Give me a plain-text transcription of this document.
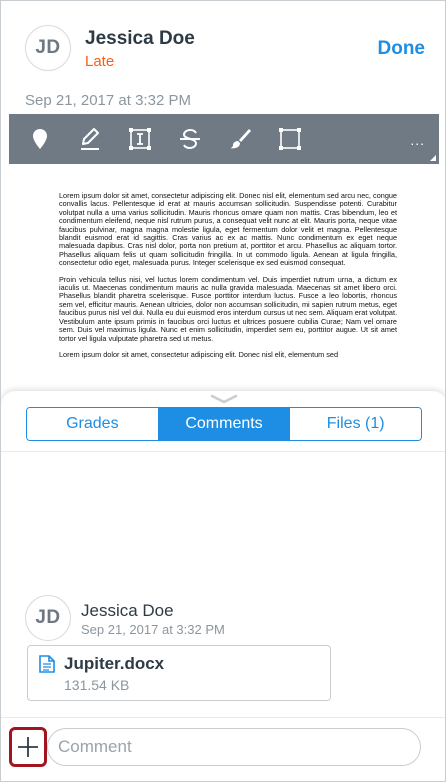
JD	Jessica Doe
Late
Done
Sep 21, 2017 at 3:32 PM
...

Lorem ipsum dolor sit amet, consectetur adipiscing elit. Donec nisl elit, elementum sed arcu nec, congue convallis lacus. Pellentesque id erat at mauris accumsan sollicitudin. Suspendisse potenti. Curabitur volutpat nulla a urna varius sollicitudin. Mauris rhoncus ornare quam non mattis. Cras bibendum, leo et condimentum eleifend, neque nisl rutrum purus, a consequat velit nunc at elit. Mauris porta, neque vitae faucibus pulvinar, magna magna molestie ligula, eget fermentum dolor velit et magna. Pellentesque blandit euismod erat id sagittis. Cras varius ac ex ac mattis. Nunc condimentum ex eget neque malesuada dapibus. Cras nisl dolor, porta non pretium at, porttitor et arcu. Phasellus ac aliquam tortor. Phasellus aliquam felis ut quam sollicitudin fringilla. In ut commodo ligula. Aenean at ligula fringilla, consectetur odio eget, malesuada purus. Integer scelerisque ex sed euismod consequat.

Proin vehicula tellus nisi, vel luctus lorem condimentum vel. Duis imperdiet rutrum urna, a dictum ex iaculis ut. Maecenas condimentum mauris ac nulla gravida malesuada. Maecenas sit amet libero orci. Phasellus blandit pharetra scelerisque. Fusce porttitor interdum luctus. Fusce a leo lobortis, rhoncus sem vel, efficitur mauris. Aenean ultricies, dolor non accumsan sollicitudin, mi sapien rutrum metus, eget faucibus purus nisl vel dui. Nulla eu dui euismod eros interdum cursus ut nec sem. Aliquam erat volutpat. Vestibulum ante ipsum primis in faucibus orci luctus et ultrices posuere cubilia Curae; Nam vel ornare sem. Duis vel maximus ligula. Nunc et enim sollicitudin, imperdiet sem eu, porttitor augue. Ut sit amet tortor vel ligula vulputate pharetra sed ut metus.

Lorem ipsum dolor sit amet, consectetur adipiscing elit. Donec nisl elit, elementum sed

Grades	Comments	Files (1)
JD	Jessica Doe
Sep 21, 2017 at 3:32 PM
Jupiter.docx
131.54 KB
Comment
